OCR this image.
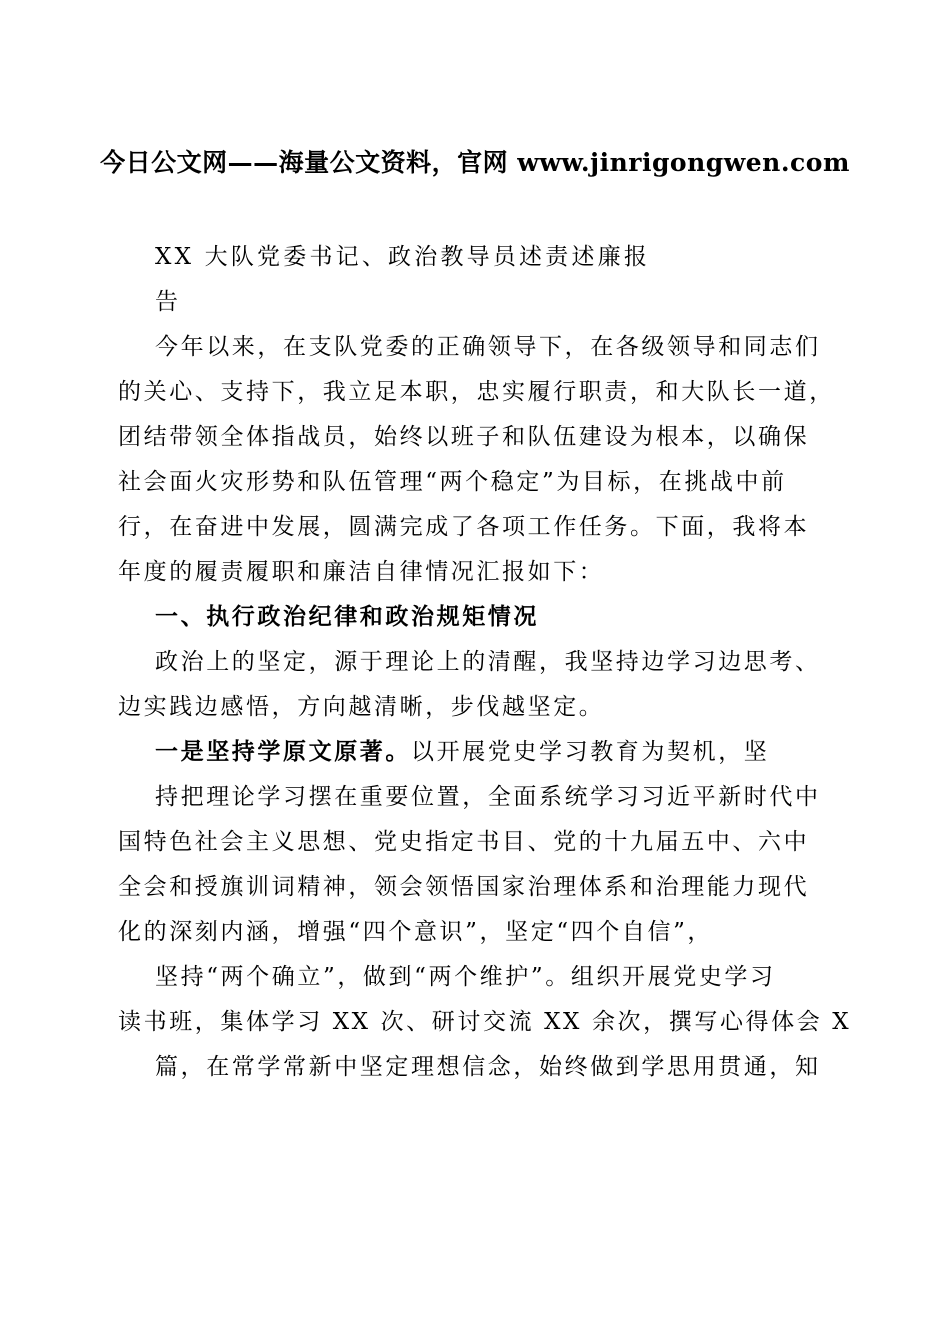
今日公文网——海量公文资料，官网 www.jinrigongwen.com
XX 大队党委书记、政治教导员述责述廉报
告
今年以来，在支队党委的正确领导下，在各级领导和同志们
的关心、支持下，我立足本职，忠实履行职责，和大队长一道，
团结带领全体指战员，始终以班子和队伍建设为根本，以确保
社会面火灾形势和队伍管理“两个稳定”为目标，在挑战中前
行，在奋进中发展，圆满完成了各项工作任务。下面，我将本
年度的履责履职和廉洁自律情况汇报如下：
一、执行政治纪律和政治规矩情况
政治上的坚定，源于理论上的清醒，我坚持边学习边思考、
边实践边感悟，方向越清晰，步伐越坚定。
一是坚持学原文原著。以开展党史学习教育为契机，坚
持把理论学习摆在重要位置，全面系统学习习近平新时代中
国特色社会主义思想、党史指定书目、党的十九届五中、六中
全会和授旗训词精神，领会领悟国家治理体系和治理能力现代
化的深刻内涵，增强“四个意识”，坚定“四个自信”，
坚持“两个确立”，做到“两个维护”。组织开展党史学习
读书班，集体学习 XX 次、研讨交流 XX 余次，撰写心得体会 X
篇，在常学常新中坚定理想信念，始终做到学思用贯通，知
